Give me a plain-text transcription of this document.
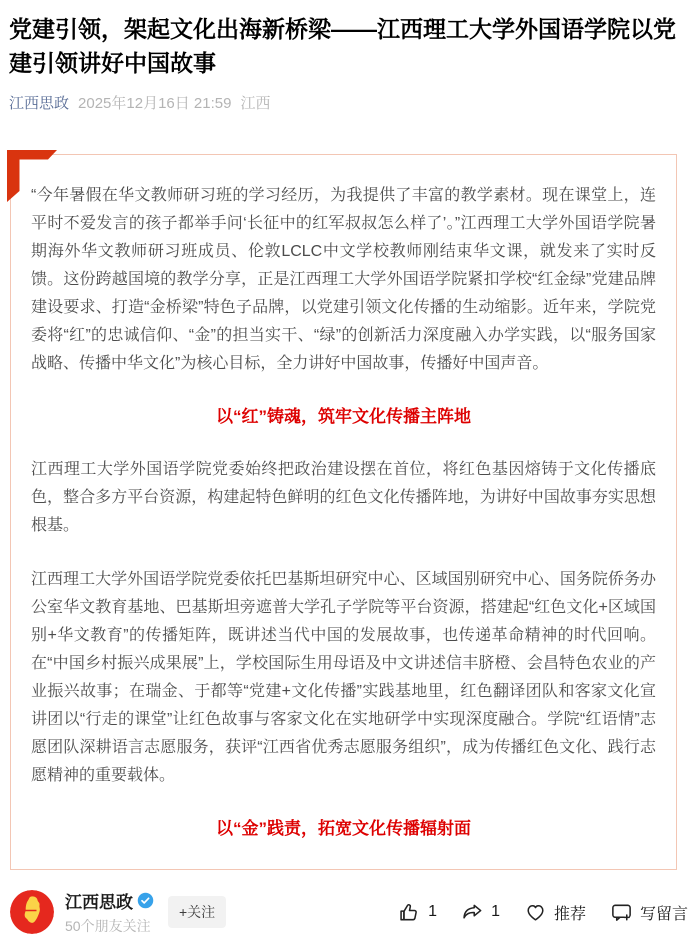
党建引领，架起文化出海新桥梁——江西理工大学外国语学院以党建引领讲好中国故事
江西思政 2025年12月16日 21:59 江西

“今年暑假在华文教师研习班的学习经历，为我提供了丰富的教学素材。现在课堂上，连平时不爱发言的孩子都举手问‘长征中的红军叔叔怎么样了’。”江西理工大学外国语学院暑期海外华文教师研习班成员、伦敦LCLC中文学校教师刚结束华文课，就发来了实时反馈。这份跨越国境的教学分享，正是江西理工大学外国语学院紧扣学校“红金绿”党建品牌建设要求、打造“金桥梁”特色子品牌，以党建引领文化传播的生动缩影。近年来，学院党委将“红”的忠诚信仰、“金”的担当实干、“绿”的创新活力深度融入办学实践，以“服务国家战略、传播中华文化”为核心目标，全力讲好中国故事，传播好中国声音。

以“红”铸魂，筑牢文化传播主阵地

江西理工大学外国语学院党委始终把政治建设摆在首位，将红色基因熔铸于文化传播底色，整合多方平台资源，构建起特色鲜明的红色文化传播阵地，为讲好中国故事夯实思想根基。

江西理工大学外国语学院党委依托巴基斯坦研究中心、区域国别研究中心、国务院侨务办公室华文教育基地、巴基斯坦旁遮普大学孔子学院等平台资源，搭建起“红色文化+区域国别+华文教育”的传播矩阵，既讲述当代中国的发展故事，也传递革命精神的时代回响。在“中国乡村振兴成果展”上，学校国际生用母语及中文讲述信丰脐橙、会昌特色农业的产业振兴故事；在瑞金、于都等“党建+文化传播”实践基地里，红色翻译团队和客家文化宣讲团以“行走的课堂”让红色故事与客家文化在实地研学中实现深度融合。学院“红语情”志愿团队深耕语言志愿服务，获评“江西省优秀志愿服务组织”，成为传播红色文化、践行志愿精神的重要载体。

以“金”践责，拓宽文化传播辐射面
江西思政
50个朋友关注
+关注	1	1	推荐	写留言
